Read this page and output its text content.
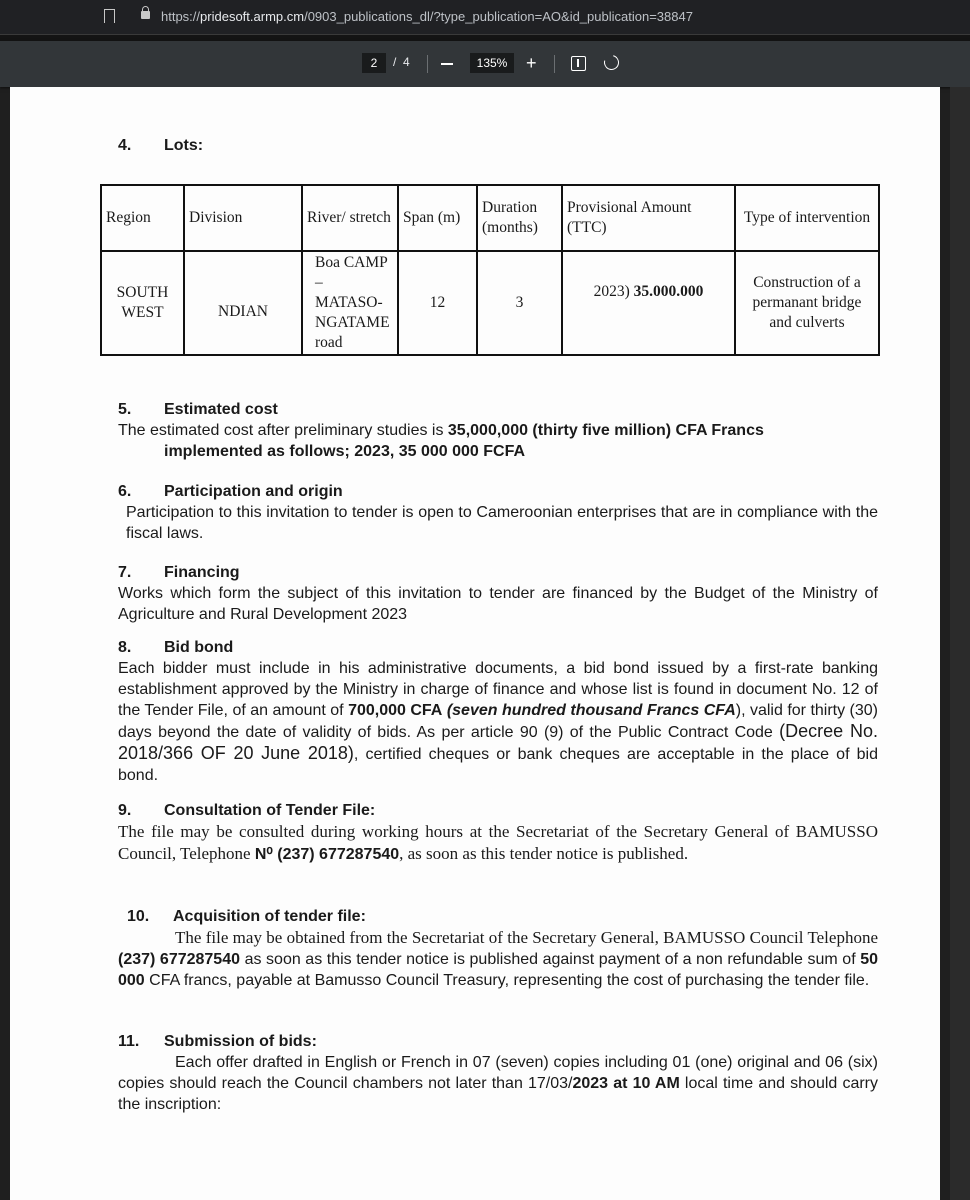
https://pridesoft.armp.cm/0903_publications_dl/?type_publication=AO&id_publication=38847
2	/ 4	135%	+
4. Lots:
Region	Division	River/ stretch	Span (m)	Duration (months)	Provisional Amount (TTC)	Type of intervention
SOUTH WEST	NDIAN	Boa CAMP – MATASO-NGATAME road	12	3	2023) 35.000.000	Construction of a permanant bridge and culverts
5. Estimated cost
The estimated cost after preliminary studies is 35,000,000 (thirty five million) CFA Francs
implemented as follows; 2023, 35 000 000 FCFA
6. Participation and origin
Participation to this invitation to tender is open to Cameroonian enterprises that are in compliance with the fiscal laws.
7. Financing
Works which form the subject of this invitation to tender are financed by the Budget of the Ministry of Agriculture and Rural Development 2023
8. Bid bond
Each bidder must include in his administrative documents, a bid bond issued by a first-rate banking establishment approved by the Ministry in charge of finance and whose list is found in document No. 12 of the Tender File, of an amount of 700,000 CFA (seven hundred thousand Francs CFA), valid for thirty (30) days beyond the date of validity of bids. As per article 90 (9) of the Public Contract Code (Decree No. 2018/366 OF 20 June 2018), certified cheques or bank cheques are acceptable in the place of bid bond.
9. Consultation of Tender File:
The file may be consulted during working hours at the Secretariat of the Secretary General of BAMUSSO Council, Telephone N⁰ (237) 677287540, as soon as this tender notice is published.
10. Acquisition of tender file:
The file may be obtained from the Secretariat of the Secretary General, BAMUSSO Council Telephone (237) 677287540 as soon as this tender notice is published against payment of a non refundable sum of 50 000 CFA francs, payable at Bamusso Council Treasury, representing the cost of purchasing the tender file.
11. Submission of bids:
Each offer drafted in English or French in 07 (seven) copies including 01 (one) original and 06 (six) copies should reach the Council chambers not later than 17/03/2023 at 10 AM local time and should carry the inscription:
